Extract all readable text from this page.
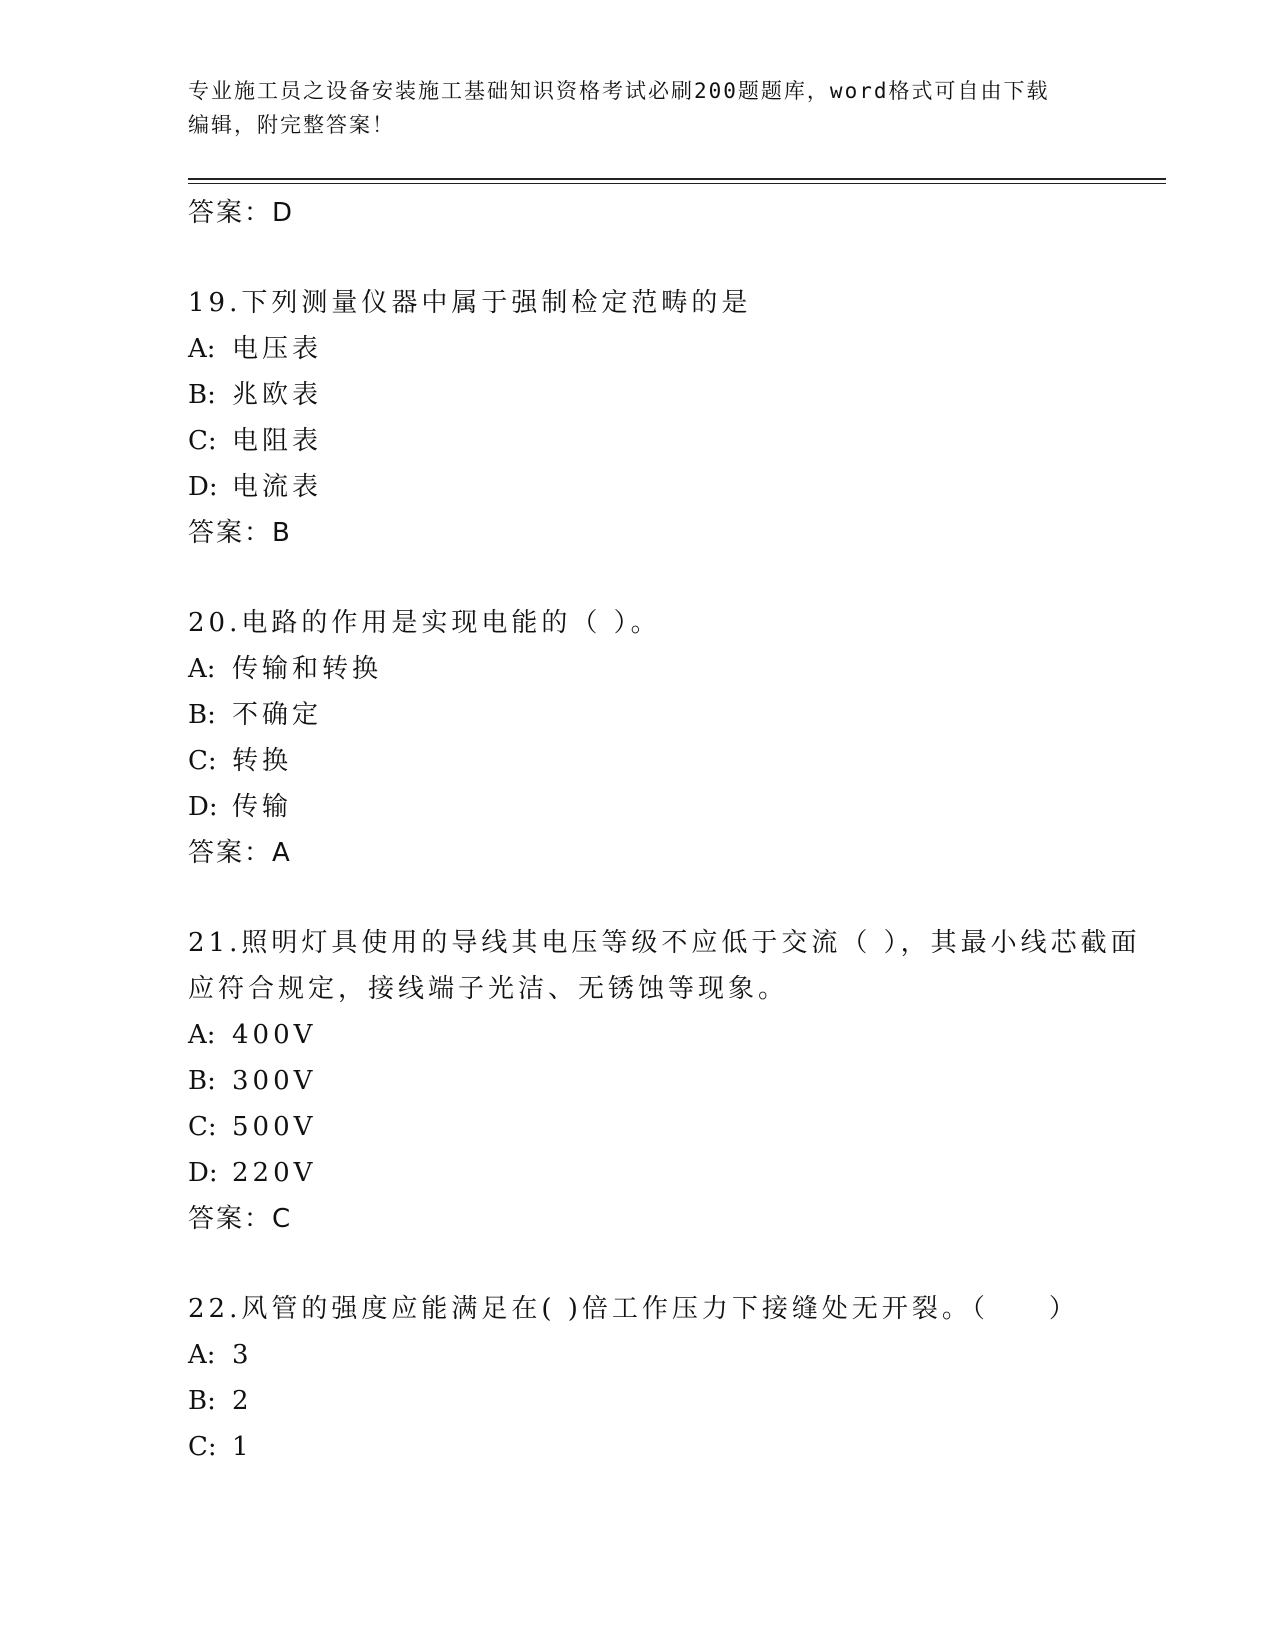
专业施工员之设备安装施工基础知识资格考试必刷200题题库，word格式可自由下载编辑，附完整答案！
答案：D
19.下列测量仪器中属于强制检定范畴的是
A: 电压表
B: 兆欧表
C: 电阻表
D: 电流表
答案：B
20.电路的作用是实现电能的（ ）。
A: 传输和转换
B: 不确定
C: 转换
D: 传输
答案：A
21.照明灯具使用的导线其电压等级不应低于交流（ ），其最小线芯截面应符合规定，接线端子光洁、无锈蚀等现象。
A: 400V
B: 300V
C: 500V
D: 220V
答案：C
22.风管的强度应能满足在( )倍工作压力下接缝处无开裂。（　　）
A: 3
B: 2
C: 1
